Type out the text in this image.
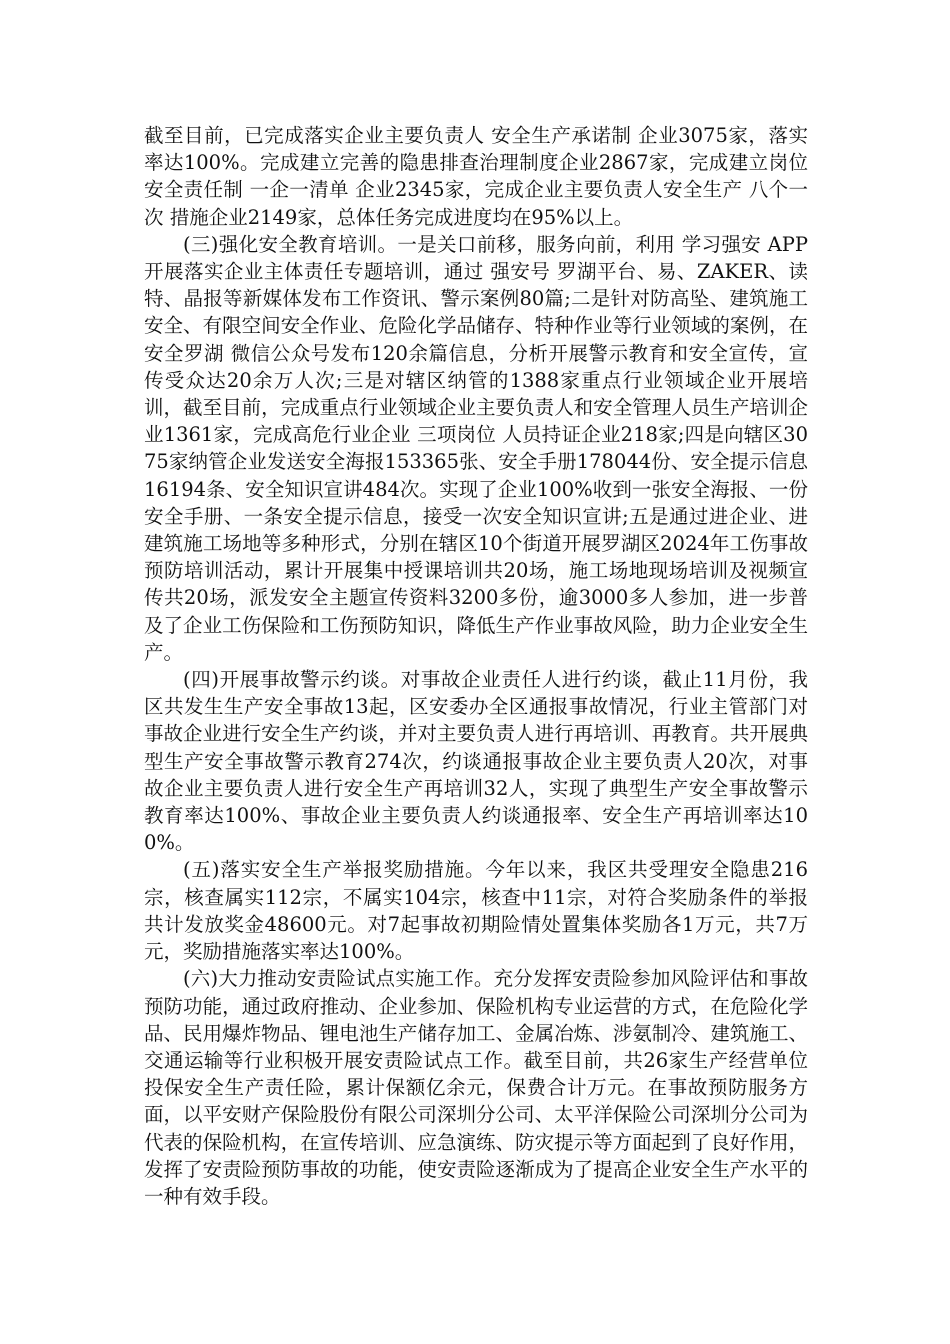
截至目前，已完成落实企业主要负责人 安全生产承诺制 企业3075家，落实率达100%。完成建立完善的隐患排查治理制度企业2867家，完成建立岗位安全责任制 一企一清单 企业2345家，完成企业主要负责人安全生产 八个一次 措施企业2149家，总体任务完成进度均在95%以上。

(三)强化安全教育培训。一是关口前移，服务向前，利用 学习强安 APP开展落实企业主体责任专题培训，通过 强安号 罗湖平台、易、ZAKER、读特、晶报等新媒体发布工作资讯、警示案例80篇;二是针对防高坠、建筑施工安全、有限空间安全作业、危险化学品储存、特种作业等行业领域的案例，在 安全罗湖 微信公众号发布120余篇信息，分析开展警示教育和安全宣传，宣传受众达20余万人次;三是对辖区纳管的1388家重点行业领域企业开展培训，截至目前，完成重点行业领域企业主要负责人和安全管理人员生产培训企业1361家，完成高危行业企业 三项岗位 人员持证企业218家;四是向辖区3075家纳管企业发送安全海报153365张、安全手册178044份、安全提示信息16194条、安全知识宣讲484次。实现了企业100%收到一张安全海报、一份安全手册、一条安全提示信息，接受一次安全知识宣讲;五是通过进企业、进建筑施工场地等多种形式，分别在辖区10个街道开展罗湖区2024年工伤事故预防培训活动，累计开展集中授课培训共20场，施工场地现场培训及视频宣传共20场，派发安全主题宣传资料3200多份，逾3000多人参加，进一步普及了企业工伤保险和工伤预防知识，降低生产作业事故风险，助力企业安全生产。

(四)开展事故警示约谈。对事故企业责任人进行约谈，截止11月份，我区共发生生产安全事故13起，区安委办全区通报事故情况，行业主管部门对事故企业进行安全生产约谈，并对主要负责人进行再培训、再教育。共开展典型生产安全事故警示教育274次，约谈通报事故企业主要负责人20次，对事故企业主要负责人进行安全生产再培训32人，实现了典型生产安全事故警示教育率达100%、事故企业主要负责人约谈通报率、安全生产再培训率达100%。

(五)落实安全生产举报奖励措施。今年以来，我区共受理安全隐患216宗，核查属实112宗，不属实104宗，核查中11宗，对符合奖励条件的举报共计发放奖金48600元。对7起事故初期险情处置集体奖励各1万元，共7万元，奖励措施落实率达100%。

(六)大力推动安责险试点实施工作。充分发挥安责险参加风险评估和事故预防功能，通过政府推动、企业参加、保险机构专业运营的方式，在危险化学品、民用爆炸物品、锂电池生产储存加工、金属冶炼、涉氨制冷、建筑施工、交通运输等行业积极开展安责险试点工作。截至目前，共26家生产经营单位投保安全生产责任险，累计保额亿余元，保费合计万元。在事故预防服务方面，以平安财产保险股份有限公司深圳分公司、太平洋保险公司深圳分公司为代表的保险机构，在宣传培训、应急演练、防灾提示等方面起到了良好作用，发挥了安责险预防事故的功能，使安责险逐渐成为了提高企业安全生产水平的一种有效手段。
